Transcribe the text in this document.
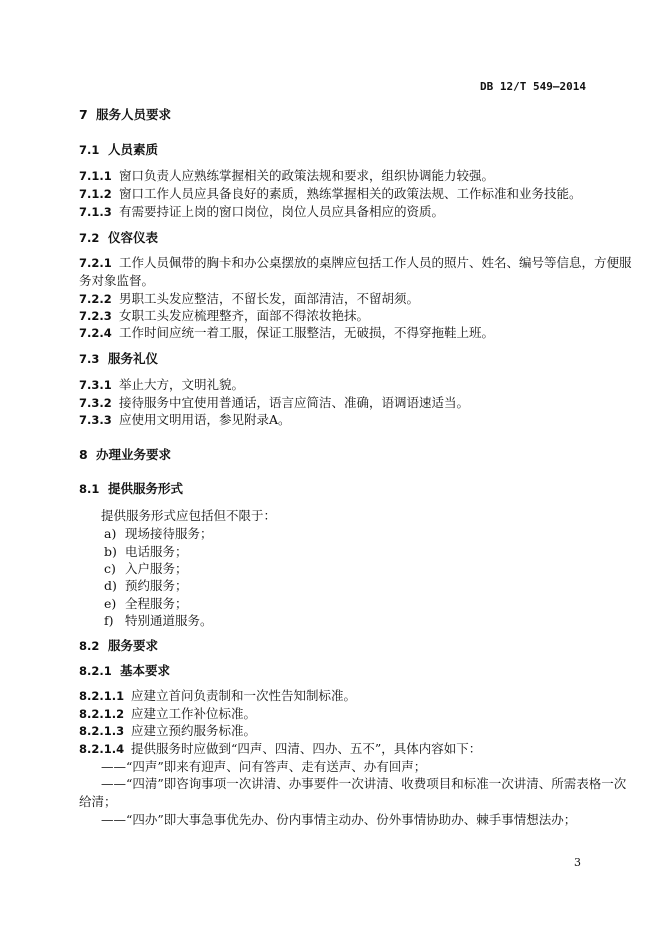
DB 12/T 549—2014
7 服务人员要求
7.1 人员素质
7.1.1 窗口负责人应熟练掌握相关的政策法规和要求，组织协调能力较强。
7.1.2 窗口工作人员应具备良好的素质，熟练掌握相关的政策法规、工作标准和业务技能。
7.1.3 有需要持证上岗的窗口岗位，岗位人员应具备相应的资质。
7.2 仪容仪表
7.2.1 工作人员佩带的胸卡和办公桌摆放的桌牌应包括工作人员的照片、姓名、编号等信息，方便服
务对象监督。
7.2.2 男职工头发应整洁，不留长发，面部清洁，不留胡须。
7.2.3 女职工头发应梳理整齐，面部不得浓妆艳抹。
7.2.4 工作时间应统一着工服，保证工服整洁，无破损，不得穿拖鞋上班。
7.3 服务礼仪
7.3.1 举止大方，文明礼貌。
7.3.2 接待服务中宜使用普通话，语言应简洁、准确，语调语速适当。
7.3.3 应使用文明用语，参见附录A。
8 办理业务要求
8.1 提供服务形式
提供服务形式应包括但不限于：
a) 现场接待服务；
b) 电话服务；
c) 入户服务；
d) 预约服务；
e) 全程服务；
f) 特别通道服务。
8.2 服务要求
8.2.1 基本要求
8.2.1.1 应建立首问负责制和一次性告知制标准。
8.2.1.2 应建立工作补位标准。
8.2.1.3 应建立预约服务标准。
8.2.1.4 提供服务时应做到“四声、四清、四办、五不”，具体内容如下：
——“四声”即来有迎声、问有答声、走有送声、办有回声；
——“四清”即咨询事项一次讲清、办事要件一次讲清、收费项目和标准一次讲清、所需表格一次
给清；
——“四办”即大事急事优先办、份内事情主动办、份外事情协助办、棘手事情想法办；
3
